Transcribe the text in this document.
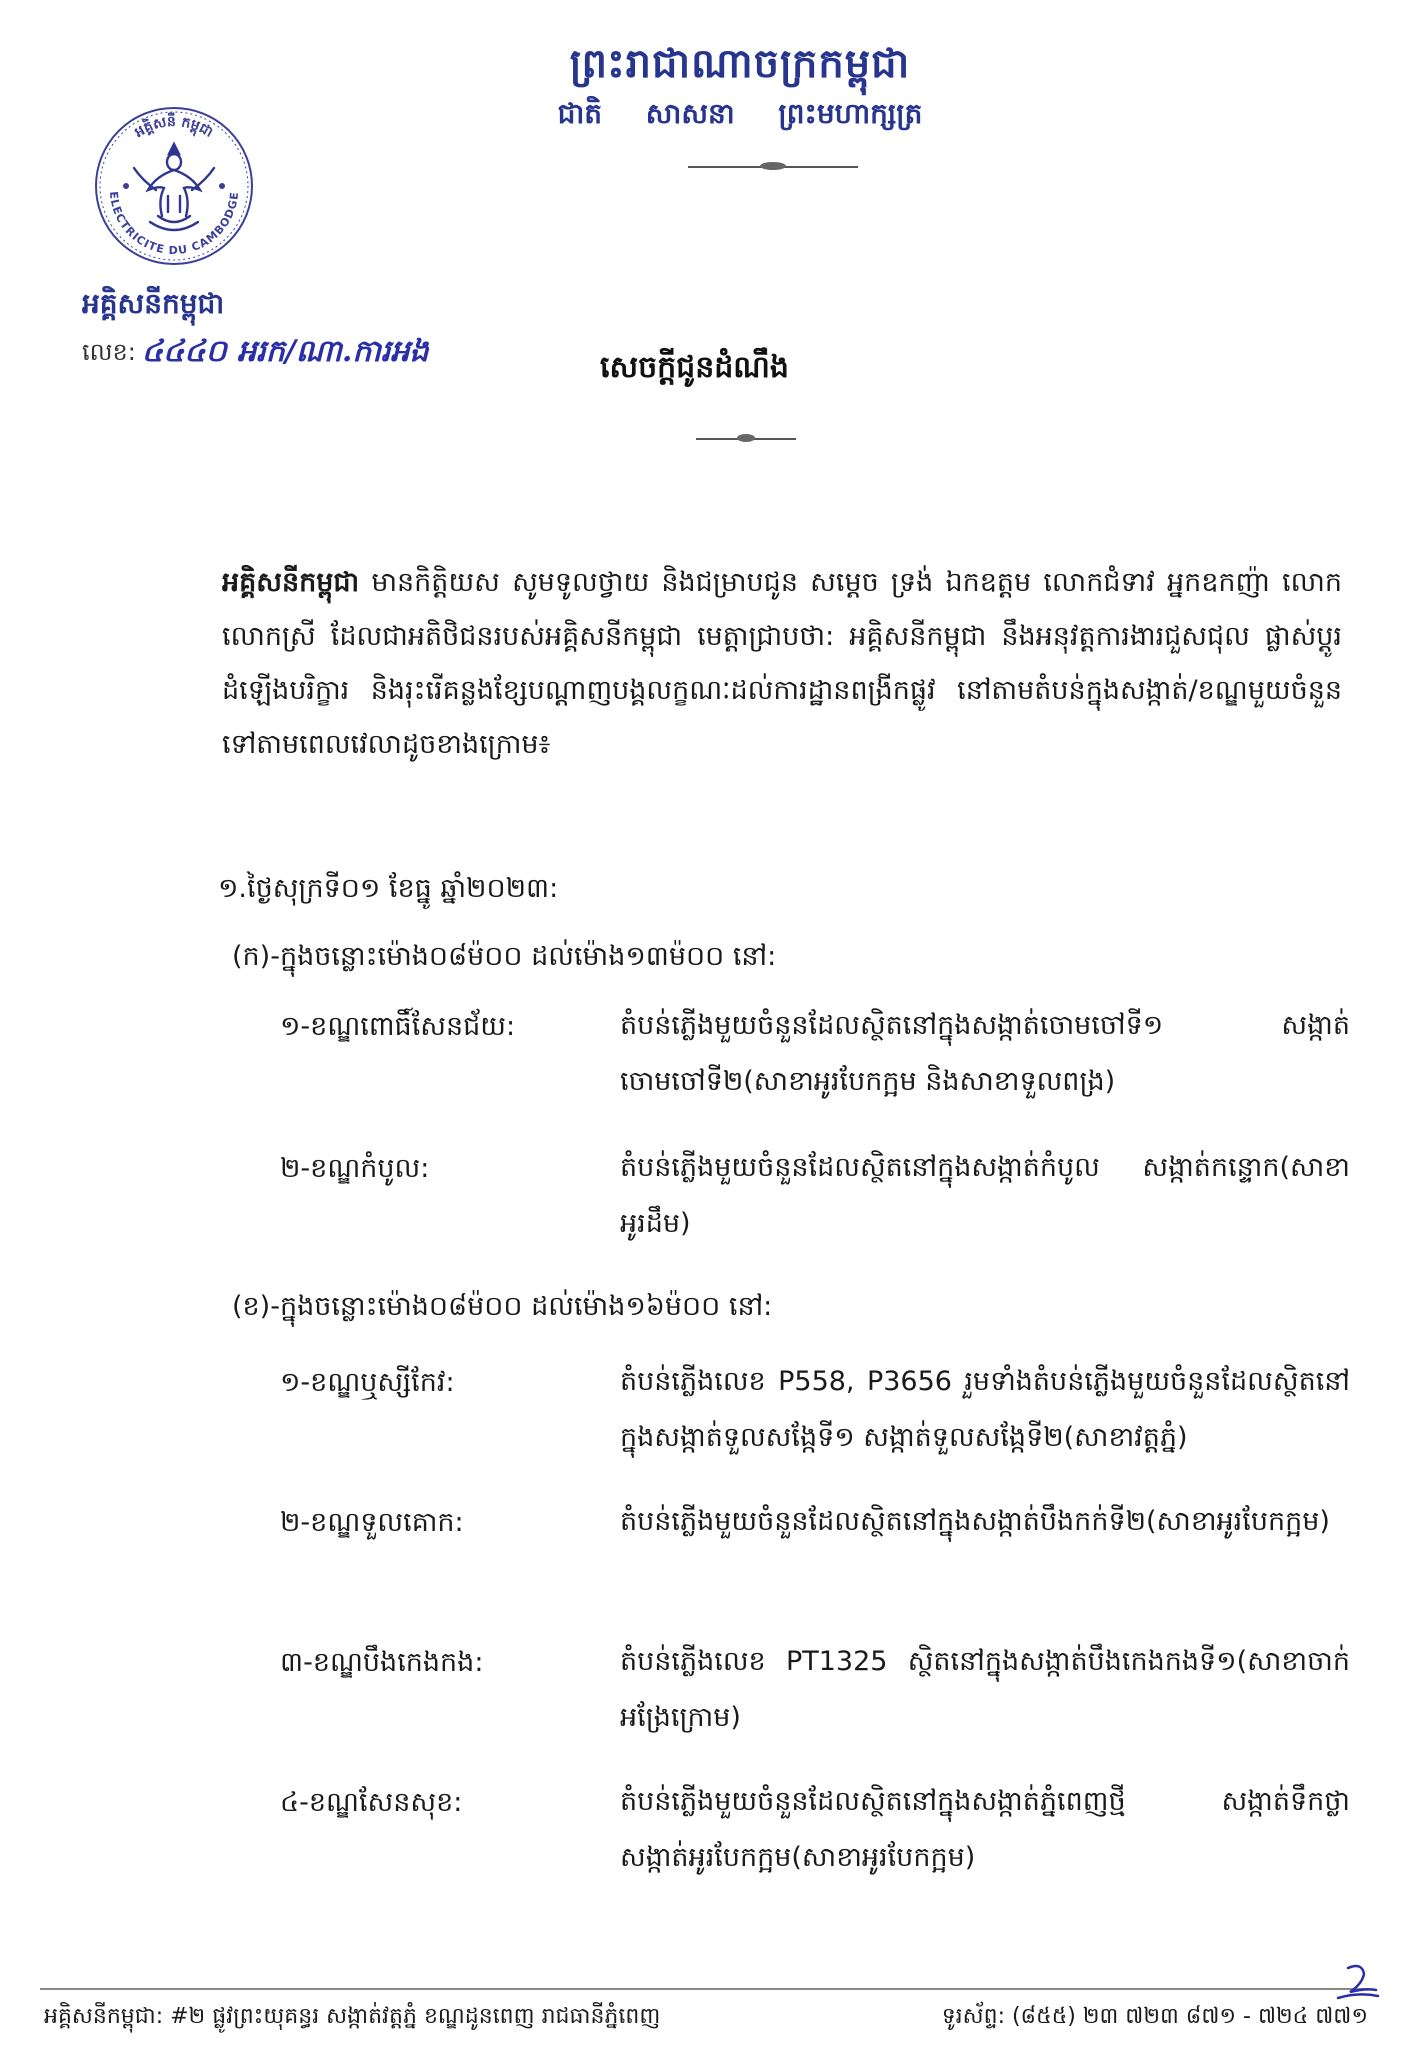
ព្រះរាជាណាចក្រកម្ពុជា
ជាតិ សាសនា ព្រះមហាក្សត្រ
អគ្គិសនី កម្ពុជា
ELECTRICITE DU CAMBODGE
អគ្គិសនីកម្ពុជា
លេខ: ៤៤៤០ អរក/ណា.ការអង	សេចក្តីជូនដំណឹង
អគ្គិសនីកម្ពុជា មានកិត្តិយស សូមទូលថ្វាយ និងជម្រាបជូន សម្តេច ទ្រង់ ឯកឧត្តម លោកជំទាវ អ្នកឧកញ៉ា លោក លោកស្រី ដែលជាអតិថិជនរបស់អគ្គិសនីកម្ពុជា មេត្តាជ្រាបថា: អគ្គិសនីកម្ពុជា នឹងអនុវត្តការងារជួសជុល ផ្លាស់ប្តូរដំឡើងបរិក្ខារ និងរុះរើគន្លងខ្សែបណ្តាញបង្គលក្ខណៈដល់ការដ្ឋានពង្រីកផ្លូវ នៅតាមតំបន់ក្នុងសង្កាត់/ខណ្ឌមួយចំនួនទៅតាមពេលវេលាដូចខាងក្រោម៖
១.ថ្ងៃសុក្រទី០១ ខែធ្នូ ឆ្នាំ២០២៣:
(ក)-ក្នុងចន្លោះម៉ោង០៨ម៉០០ ដល់ម៉ោង១៣ម៉០០ នៅ:
១-ខណ្ឌពោធិ៍សែនជ័យ:	តំបន់ភ្លើងមួយចំនួនដែលស្ថិតនៅក្នុងសង្កាត់ចោមចៅទី១ សង្កាត់ចោមចៅទី២(សាខាអូរបែកក្អម និងសាខាទួលពង្រ)
២-ខណ្ឌកំបូល:	តំបន់ភ្លើងមួយចំនួនដែលស្ថិតនៅក្នុងសង្កាត់កំបូល សង្កាត់កន្ទោក(សាខាអូរដឹម)
(ខ)-ក្នុងចន្លោះម៉ោង០៨ម៉០០ ដល់ម៉ោង១៦ម៉០០ នៅ:
១-ខណ្ឌឬស្សីកែវ:	តំបន់ភ្លើងលេខ P558, P3656 រួមទាំងតំបន់ភ្លើងមួយចំនួនដែលស្ថិតនៅក្នុងសង្កាត់ទួលសង្កែទី១ សង្កាត់ទួលសង្កែទី២(សាខាវត្តភ្នំ)
២-ខណ្ឌទួលគោក:	តំបន់ភ្លើងមួយចំនួនដែលស្ថិតនៅក្នុងសង្កាត់បឹងកក់ទី២(សាខាអូរបែកក្អម)
៣-ខណ្ឌបឹងកេងកង:	តំបន់ភ្លើងលេខ PT1325 ស្ថិតនៅក្នុងសង្កាត់បឹងកេងកងទី១(សាខាចាក់អង្រែក្រោម)
៤-ខណ្ឌសែនសុខ:	តំបន់ភ្លើងមួយចំនួនដែលស្ថិតនៅក្នុងសង្កាត់ភ្នំពេញថ្មី សង្កាត់ទឹកថ្លា សង្កាត់អូរបែកក្អម(សាខាអូរបែកក្អម)
អគ្គិសនីកម្ពុជា: #២ ផ្លូវព្រះយុគន្ធរ សង្កាត់វត្តភ្នំ ខណ្ឌដូនពេញ រាជធានីភ្នំពេញ	ទូរស័ព្ទ: (៨៥៥) ២៣ ៧២៣ ៨៧១ - ៧២៤ ៧៧១
